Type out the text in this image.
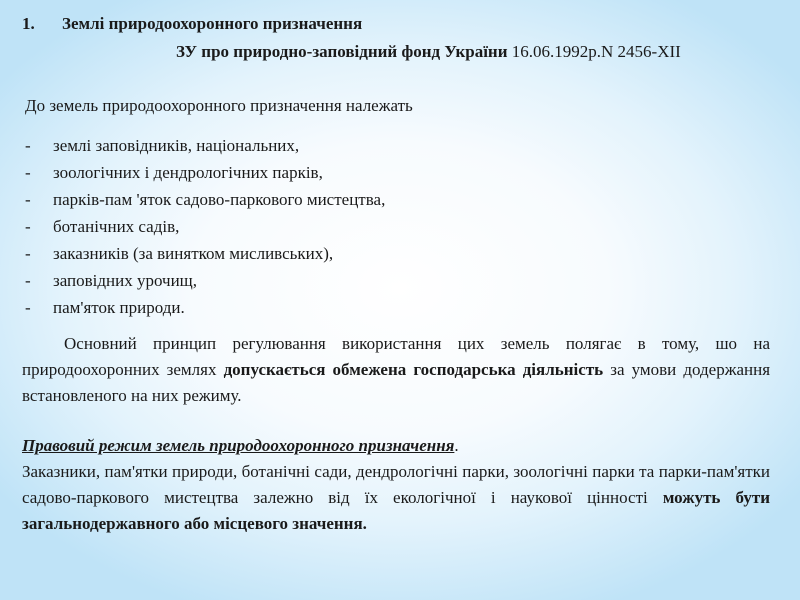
1. Землі природоохоронного призначення
ЗУ про природно-заповідний фонд України 16.06.1992р.N 2456-XII
До земель природоохоронного призначення належать
- землі заповідників, національних,
- зоологічних і дендрологічних парків,
- парків-пам 'яток садово-паркового мистецтва,
- ботанічних садів,
- заказників (за винятком мисливських),
- заповідних урочищ,
- пам'яток природи.
Основний принцип регулювання використання цих земель полягає в тому, шо на природоохоронних землях допускається обмежена господарська діяльність за умови додержання встановленого на них режиму.
Правовий режим земель природоохоронного призначення.
Заказники, пам'ятки природи, ботанічні сади, дендрологічні парки, зоологічні парки та парки-пам'ятки садово-паркового мистецтва залежно від їх екологічної і наукової цінності можуть бути загальнодержавного або місцевого значення.
